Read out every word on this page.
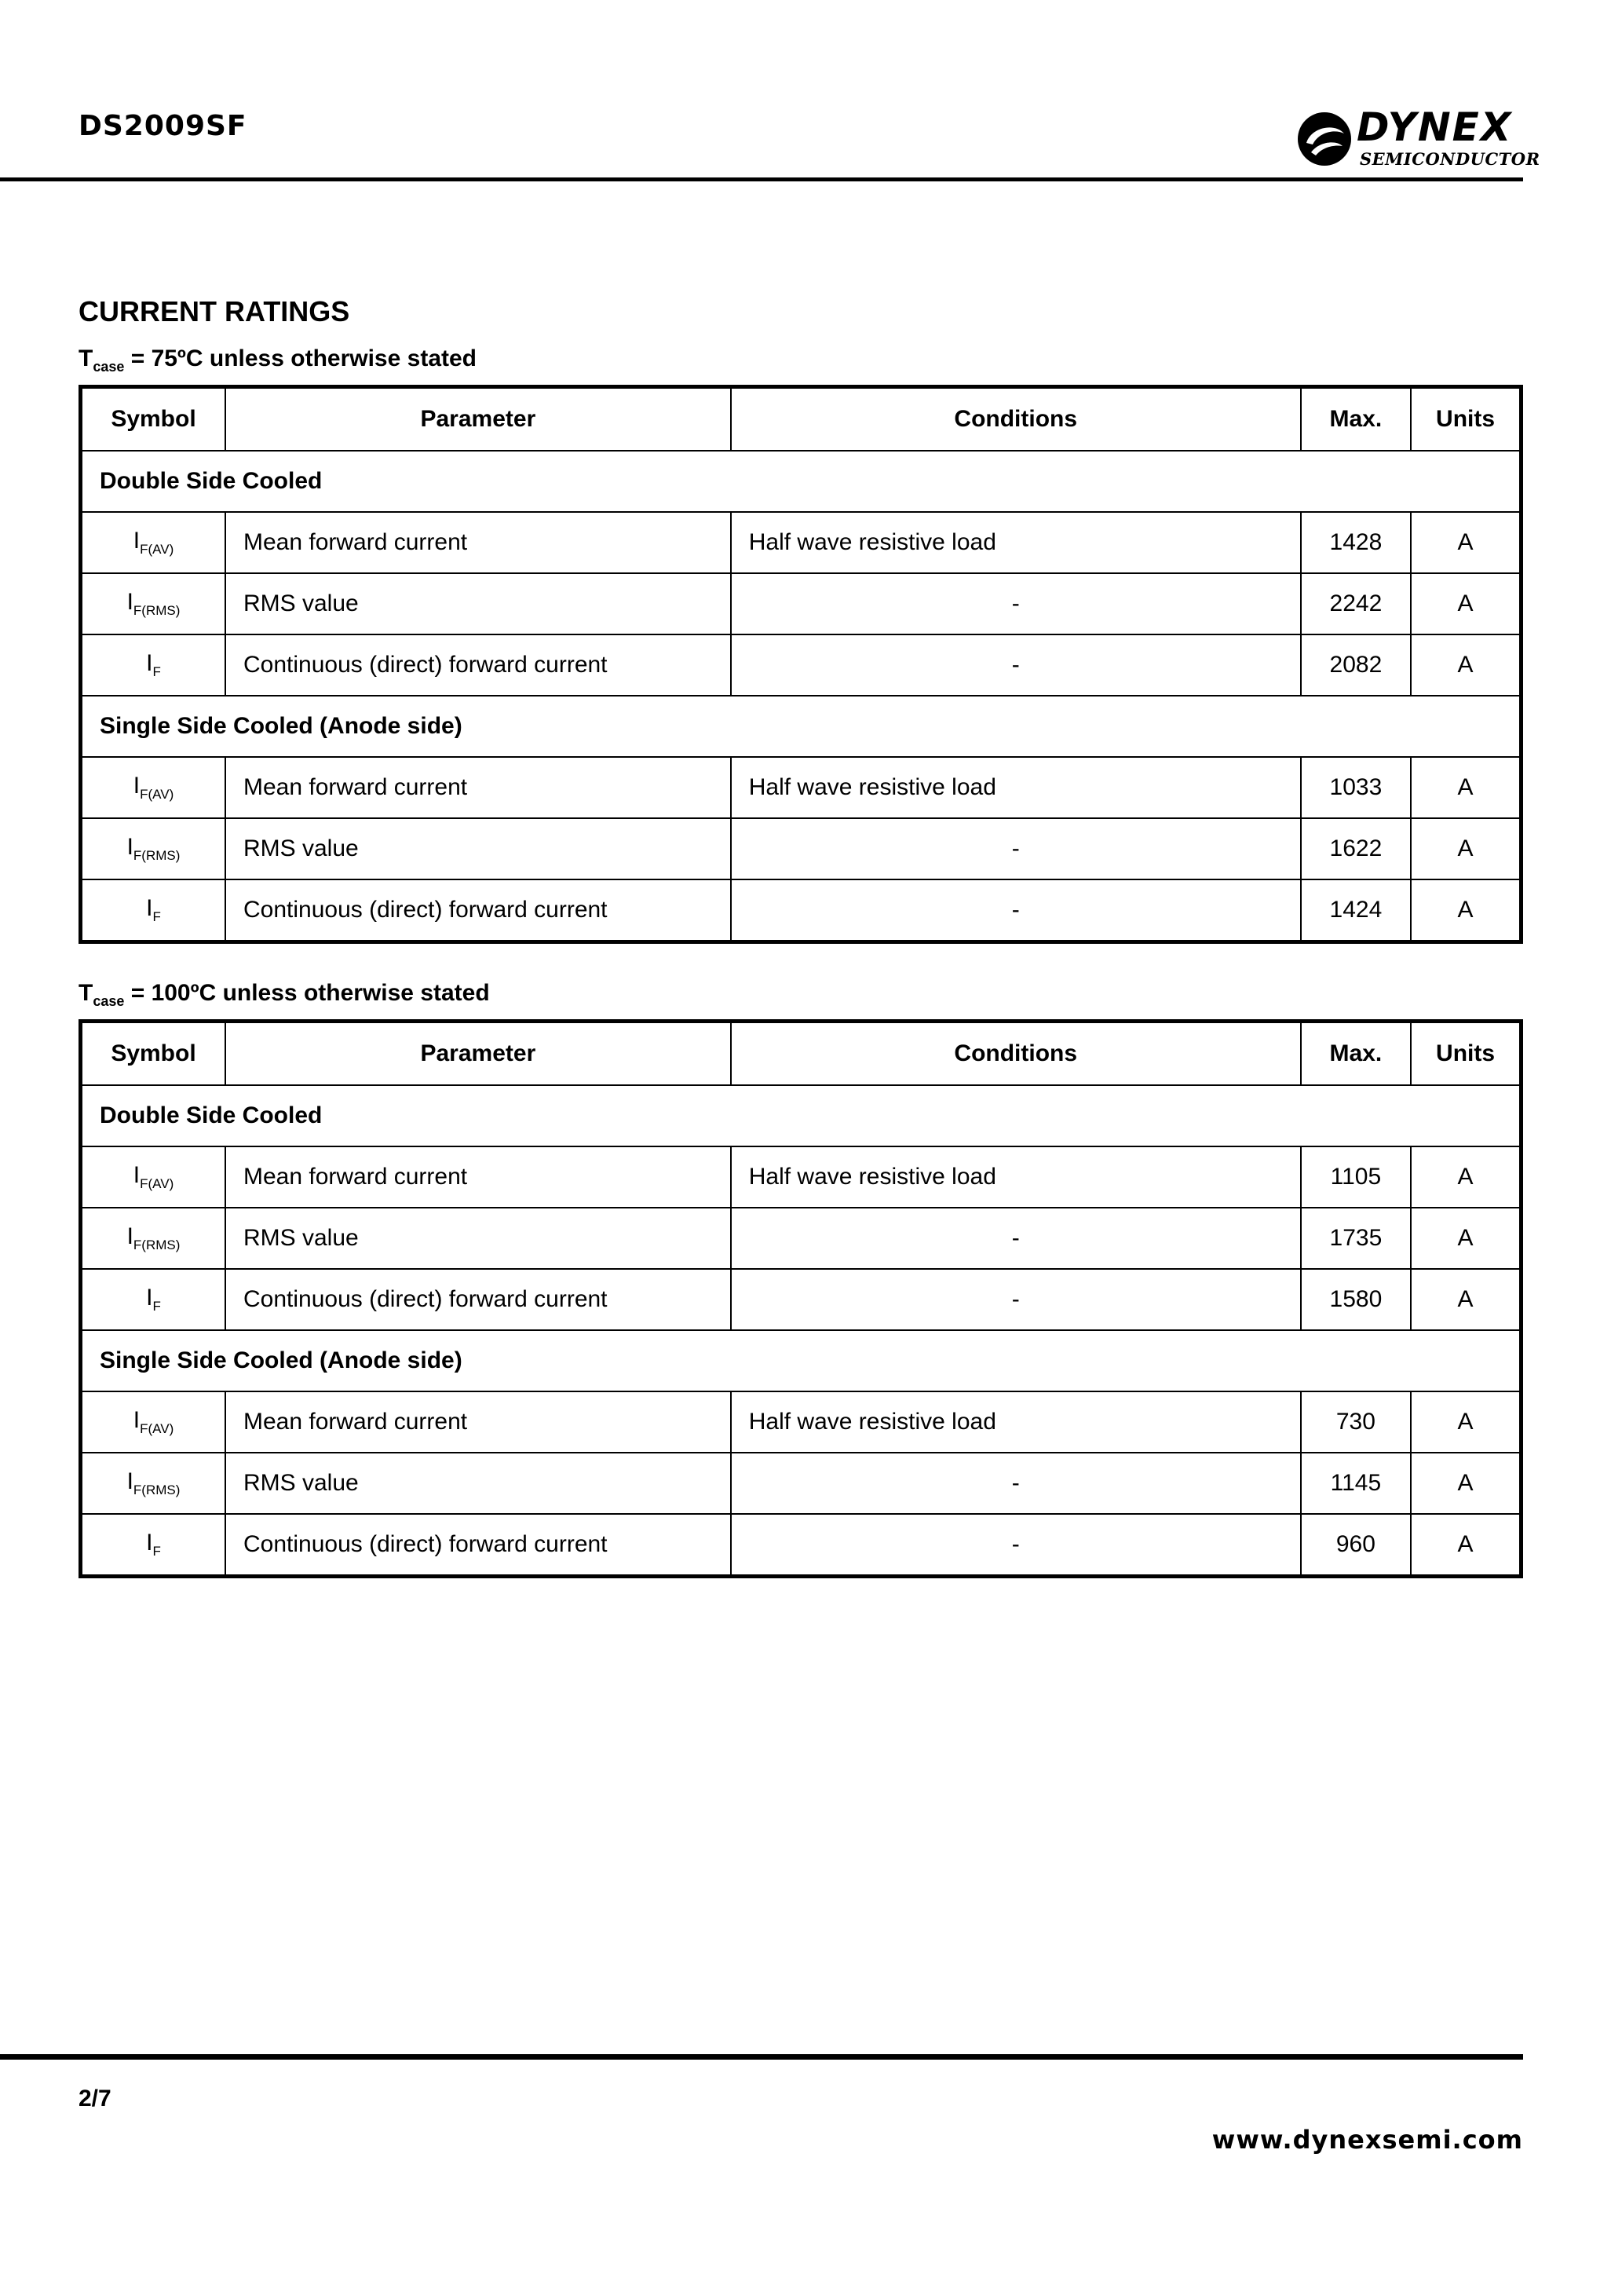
DS2009SF	DYNEX
SEMICONDUCTOR
CURRENT RATINGS
$T_{case}$ = 75ºC unless otherwise stated
Symbol	Parameter	Conditions	Max.	Units
Double Side Cooled				
$I_{F(AV)}$	Mean forward current	Half wave resistive load	1428	A
$I_{F(RMS)}$	RMS value	-	2242	A
$I_F$	Continuous (direct) forward current	-	2082	A
Single Side Cooled (Anode side)				
$I_{F(AV)}$	Mean forward current	Half wave resistive load	1033	A
$I_{F(RMS)}$	RMS value	-	1622	A
$I_F$	Continuous (direct) forward current	-	1424	A
$T_{case}$ = 100ºC unless otherwise stated
Symbol	Parameter	Conditions	Max.	Units
Double Side Cooled				
$I_{F(AV)}$	Mean forward current	Half wave resistive load	1105	A
$I_{F(RMS)}$	RMS value	-	1735	A
$I_F$	Continuous (direct) forward current	-	1580	A
Single Side Cooled (Anode side)				
$I_{F(AV)}$	Mean forward current	Half wave resistive load	730	A
$I_{F(RMS)}$	RMS value	-	1145	A
$I_F$	Continuous (direct) forward current	-	960	A
2/7
www.dynexsemi.com
